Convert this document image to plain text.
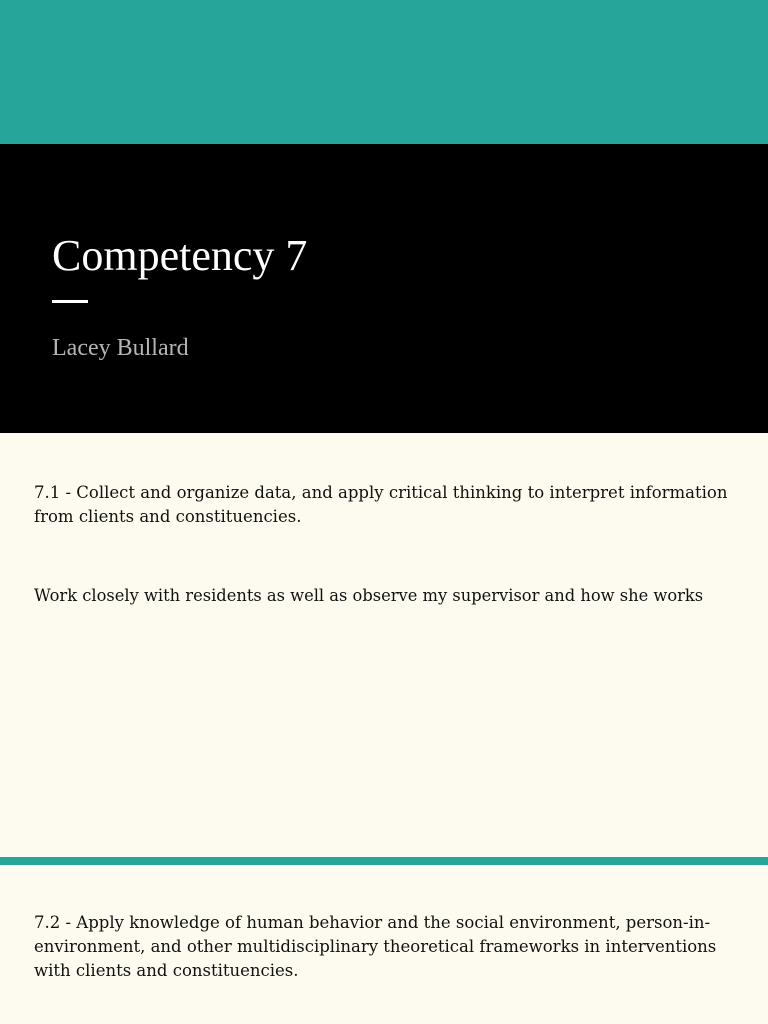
Competency 7
Lacey Bullard

7.1 - Collect and organize data, and apply critical thinking to interpret information from clients and constituencies.

Work closely with residents as well as observe my supervisor and how she works

7.2 - Apply knowledge of human behavior and the social environment, person-in-environment, and other multidisciplinary theoretical frameworks in interventions with clients and constituencies.
